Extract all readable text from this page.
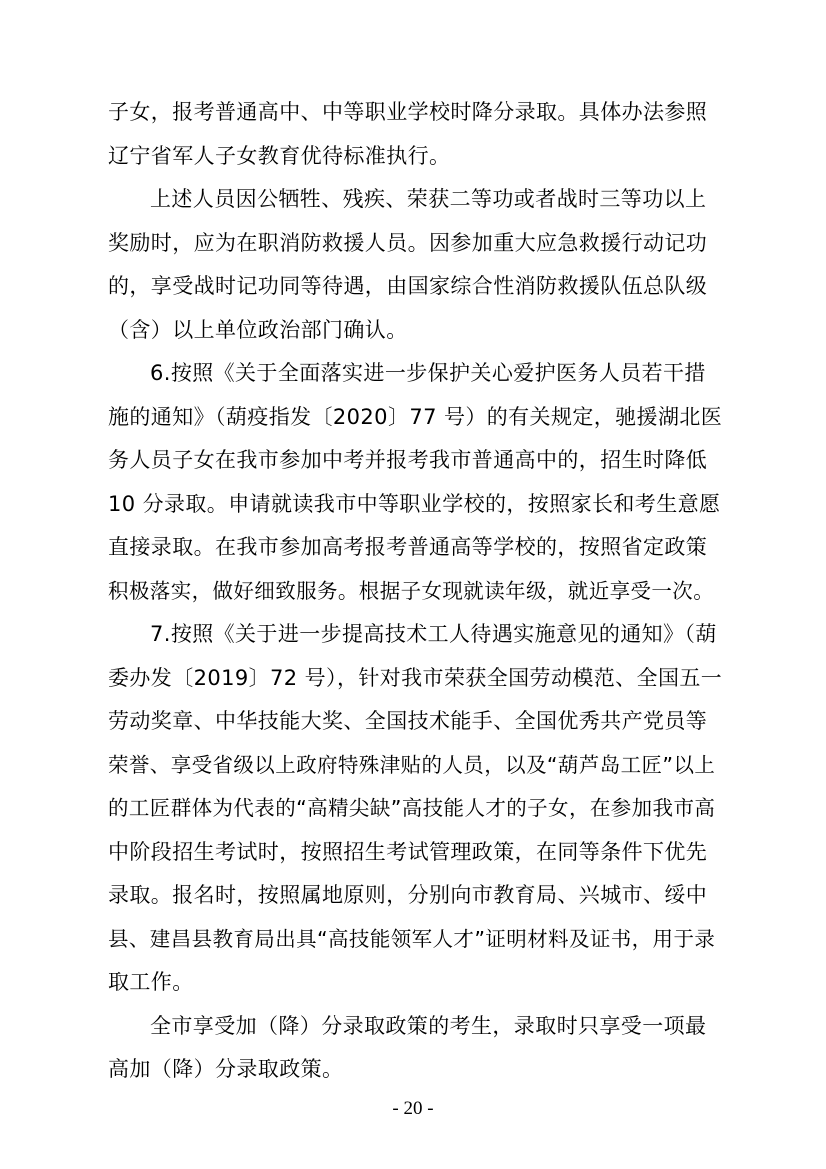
子女，报考普通高中、中等职业学校时降分录取。具体办法参照
辽宁省军人子女教育优待标准执行。
上述人员因公牺牲、残疾、荣获二等功或者战时三等功以上
奖励时，应为在职消防救援人员。因参加重大应急救援行动记功
的，享受战时记功同等待遇，由国家综合性消防救援队伍总队级
（含）以上单位政治部门确认。
6.按照《关于全面落实进一步保护关心爱护医务人员若干措
施的通知》（葫疫指发〔2020〕77 号）的有关规定，驰援湖北医
务人员子女在我市参加中考并报考我市普通高中的，招生时降低
10 分录取。申请就读我市中等职业学校的，按照家长和考生意愿
直接录取。在我市参加高考报考普通高等学校的，按照省定政策
积极落实，做好细致服务。根据子女现就读年级，就近享受一次。
7.按照《关于进一步提高技术工人待遇实施意见的通知》（葫
委办发〔2019〕72 号），针对我市荣获全国劳动模范、全国五一
劳动奖章、中华技能大奖、全国技术能手、全国优秀共产党员等
荣誉、享受省级以上政府特殊津贴的人员，以及“葫芦岛工匠”以上
的工匠群体为代表的“高精尖缺”高技能人才的子女，在参加我市高
中阶段招生考试时，按照招生考试管理政策，在同等条件下优先
录取。报名时，按照属地原则，分别向市教育局、兴城市、绥中
县、建昌县教育局出具“高技能领军人才”证明材料及证书，用于录
取工作。
全市享受加（降）分录取政策的考生，录取时只享受一项最
高加（降）分录取政策。
- 20 -
